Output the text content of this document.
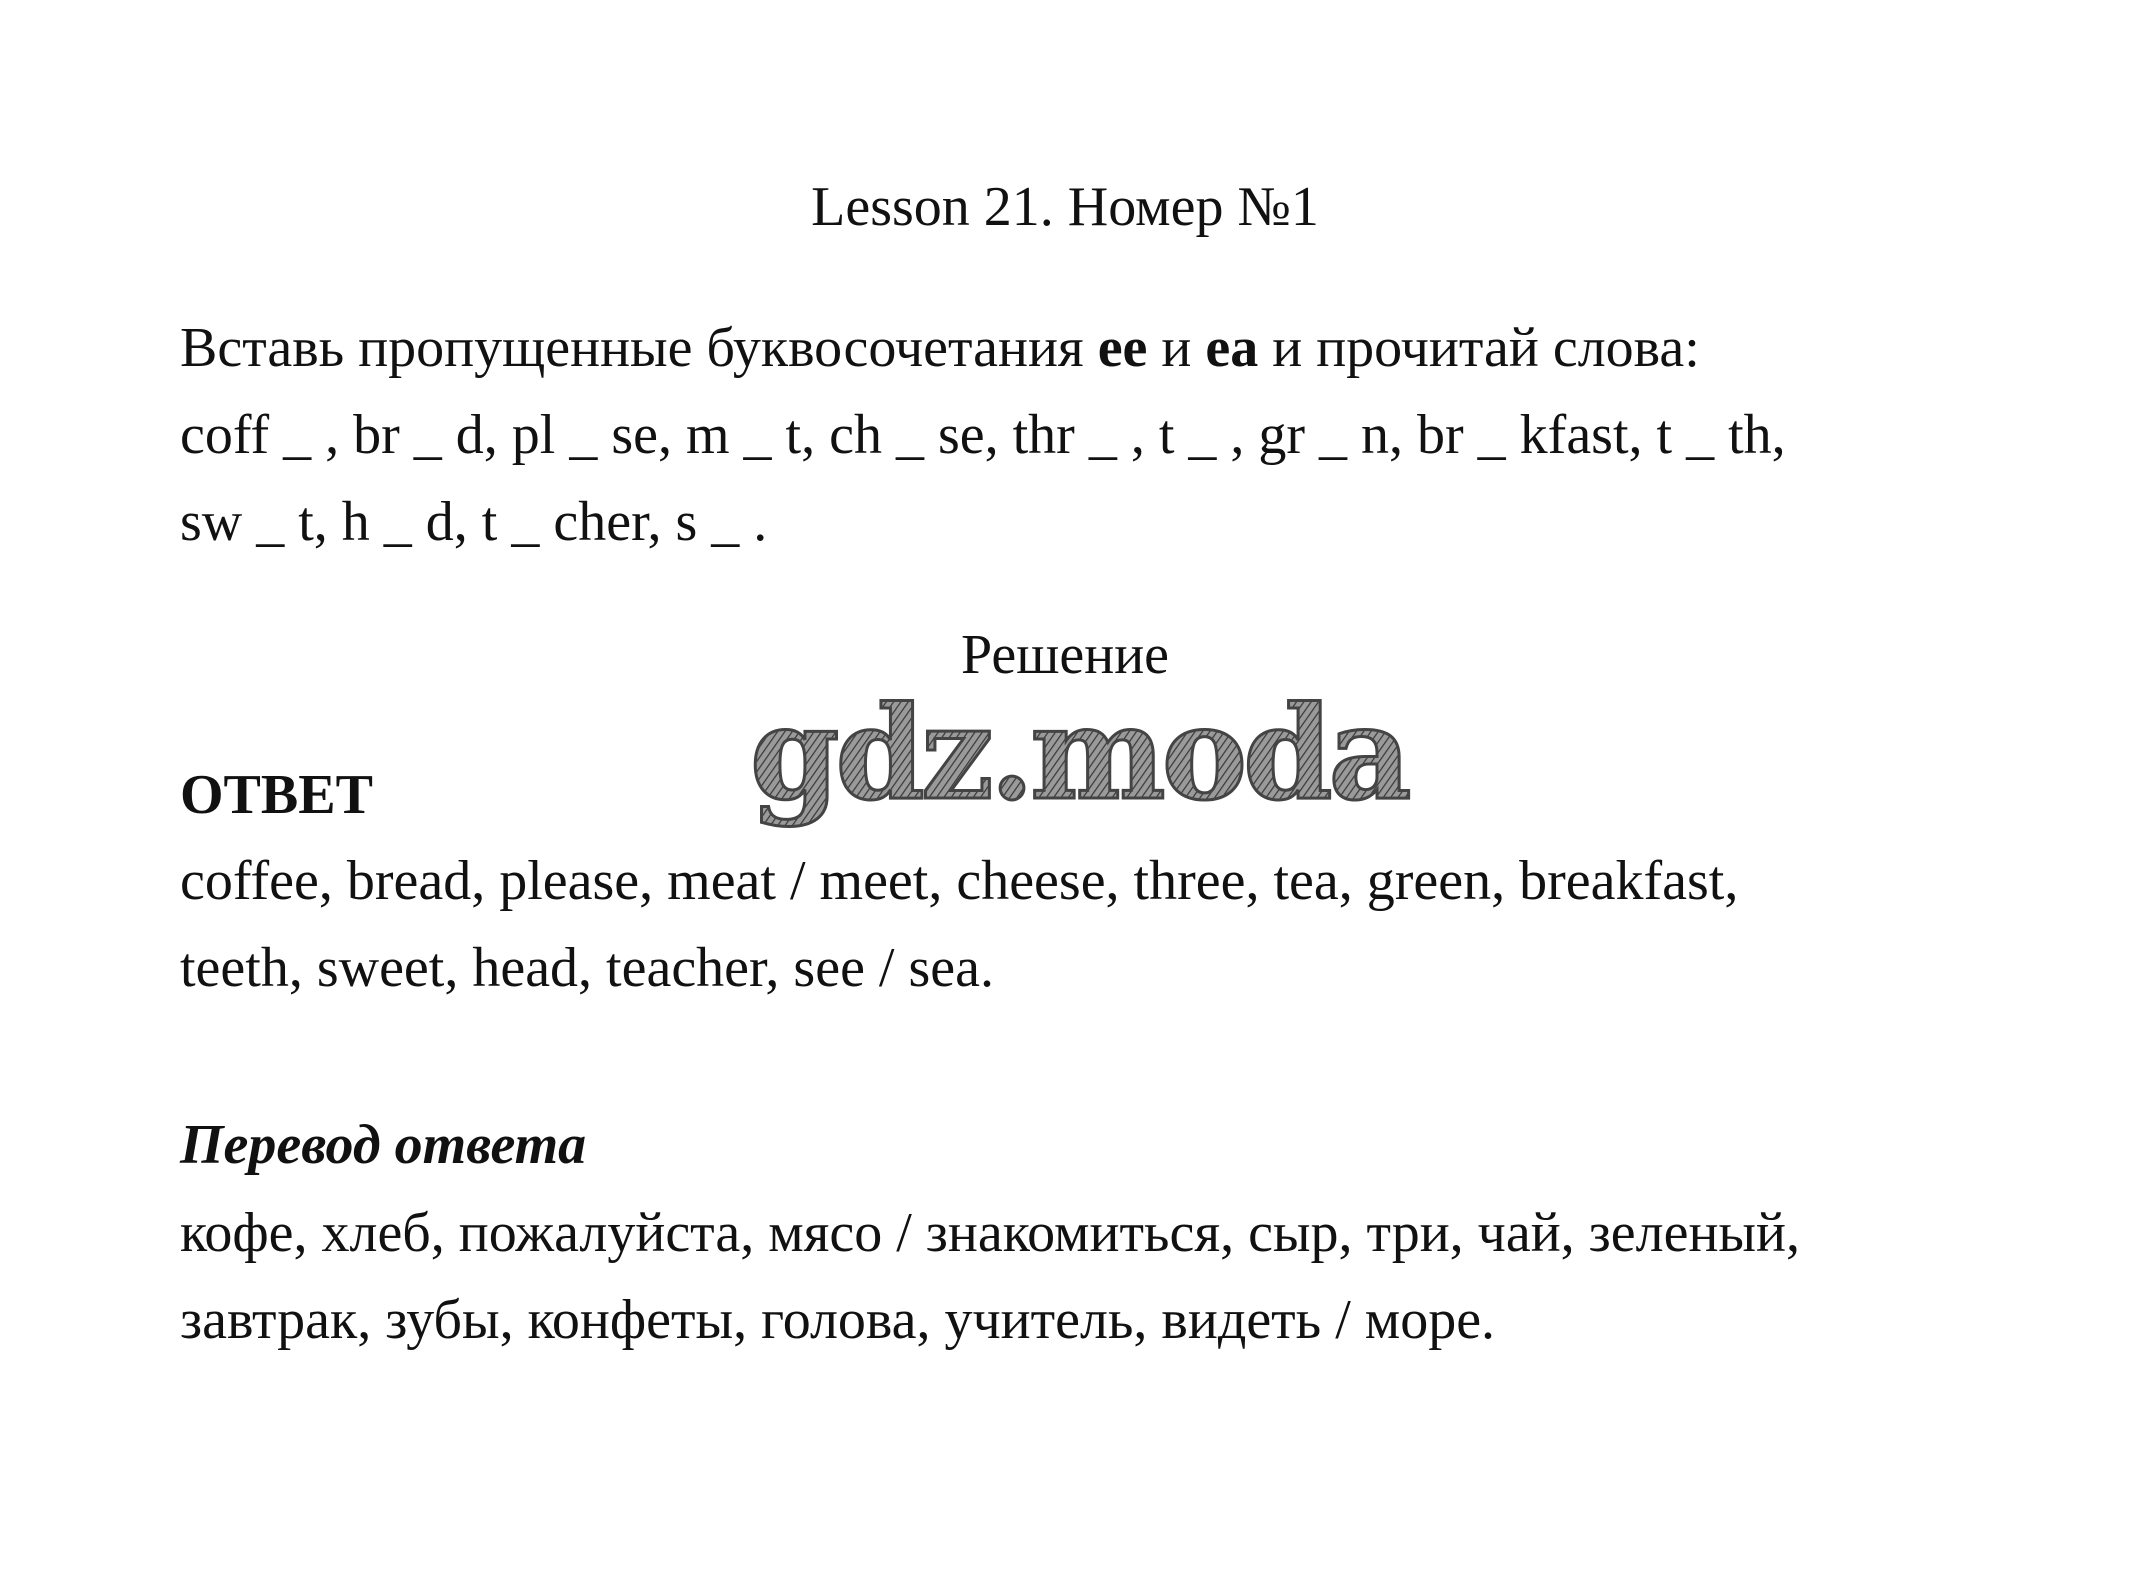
Lesson 21. Номер №1

Вставь пропущенные буквосочетания ee и ea и прочитай слова:

coff _ , br _ d, pl _ se, m _ t, ch _ se, thr _ , t _ , gr _ n, br _ kfast, t _ th,

sw _ t, h _ d, t _ cher, s _ .

Решение
gdz.moda
ОТВЕТ

coffee, bread, please, meat / meet, cheese, three, tea, green, breakfast,

teeth, sweet, head, teacher, see / sea.

Перевод ответа

кофе, хлеб, пожалуйста, мясо / знакомиться, сыр, три, чай, зеленый,

завтрак, зубы, конфеты, голова, учитель, видеть / море.
